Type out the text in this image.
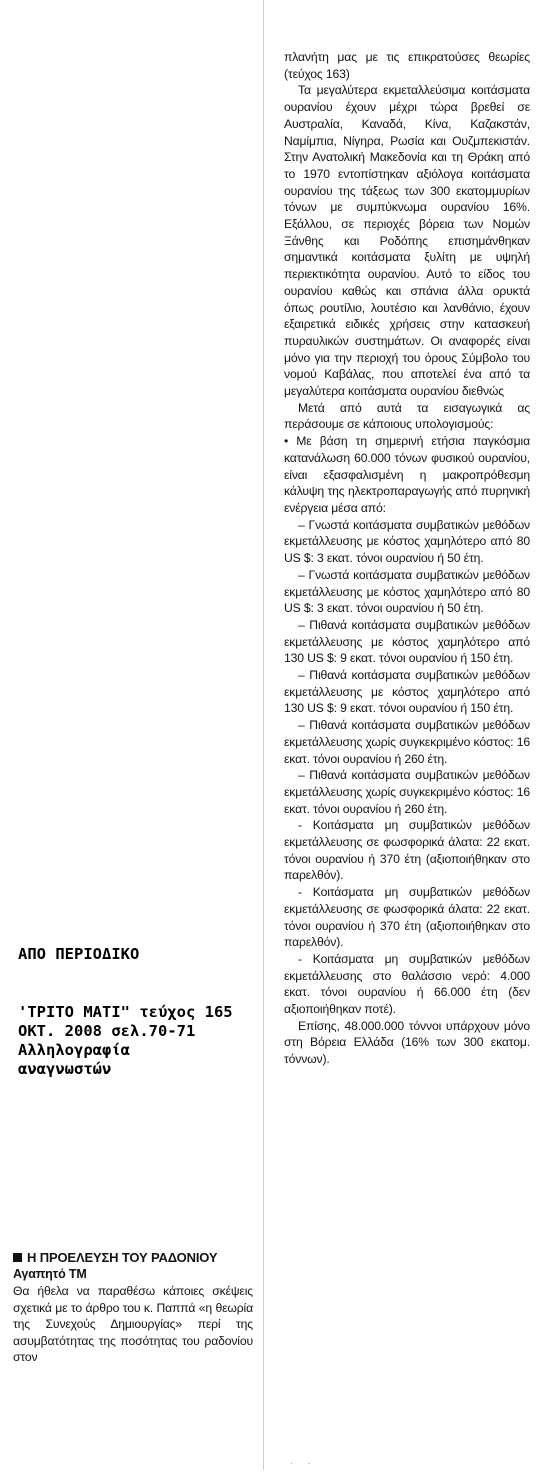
ΑΠΟ ΠΕΡΙΟΔΙΚΟ
'ΤΡΙΤΟ ΜΑΤΙ" τεύχος 165
ΟΚΤ. 2008 σελ.70-71
Αλληλογραφία
αναγνωστών
Η ΠΡΟΕΛΕΥΣΗ ΤΟΥ ΡΑΔΟΝΙΟΥ
Αγαπητό ΤΜ
Θα ήθελα να παραθέσω κάποιες σκέψεις σχετικά με το άρθρο του κ. Παππά «η θεωρία της Συνεχούς Δημιουργίας» περί της ασυμβατότητας της ποσότητας του ραδονίου στον

πλανήτη μας με τις επικρατούσες θεωρίες (τεύχος 163)

Τα μεγαλύτερα εκμεταλλεύσιμα κοιτάσματα ουρανίου έχουν μέχρι τώρα βρεθεί σε Αυστραλία, Καναδά, Κίνα, Καζακστάν, Ναμίμπια, Νίγηρα, Ρωσία και Ουζμπεκιστάν. Στην Ανατολική Μακεδονία και τη Θράκη από το 1970 εντοπίστηκαν αξιόλογα κοιτάσματα ουρανίου της τάξεως των 300 εκατομμυρίων τόνων με συμπύκνωμα ουρανίου 16%. Εξάλλου, σε περιοχές βόρεια των Νομών Ξάνθης και Ροδόπης επισημάνθηκαν σημαντικά κοιτάσματα ξυλίτη με υψηλή περιεκτικότητα ουρανίου. Αυτό το είδος του ουρανίου καθώς και σπάνια άλλα ορυκτά όπως ρουτίλιο, λουτέσιο και λανθάνιο, έχουν εξαιρετικά ειδικές χρήσεις στην κατασκευή πυραυλικών συστημάτων. Οι αναφορές είναι μόνο για την περιοχή του όρους Σύμβολο του νομού Καβάλας, που αποτελεί ένα από τα μεγαλύτερα κοιτάσματα ουρανίου διεθνώς

Μετά από αυτά τα εισαγωγικά ας περάσουμε σε κάποιους υπολογισμούς:

• Με βάση τη σημερινή ετήσια παγκόσμια κατανάλωση 60.000 τόνων φυσικού ουρανίου, είναι εξασφαλισμένη η μακροπρόθεσμη κάλυψη της ηλεκτροπαραγωγής από πυρηνική ενέργεια μέσα από:

– Γνωστά κοιτάσματα συμβατικών μεθόδων εκμετάλλευσης με κόστος χαμηλότερο από 80 US $: 3 εκατ. τόνοι ουρανίου ή 50 έτη.

– Γνωστά κοιτάσματα συμβατικών μεθόδων εκμετάλλευσης με κόστος χαμηλότερο από 80 US $: 3 εκατ. τόνοι ουρανίου ή 50 έτη.

– Πιθανά κοιτάσματα συμβατικών μεθόδων εκμετάλλευσης με κόστος χαμηλότερο από 130 US $: 9 εκατ. τόνοι ουρανίου ή 150 έτη.

– Πιθανά κοιτάσματα συμβατικών μεθόδων εκμετάλλευσης με κόστος χαμηλότερο από 130 US $: 9 εκατ. τόνοι ουρανίου ή 150 έτη.

– Πιθανά κοιτάσματα συμβατικών μεθόδων εκμετάλλευσης χωρίς συγκεκριμένο κόστος: 16 εκατ. τόνοι ουρανίου ή 260 έτη.

– Πιθανά κοιτάσματα συμβατικών μεθόδων εκμετάλλευσης χωρίς συγκεκριμένο κόστος: 16 εκατ. τόνοι ουρανίου ή 260 έτη.

- Κοιτάσματα μη συμβατικών μεθόδων εκμετάλλευσης σε φωσφορικά άλατα: 22 εκατ. τόνοι ουρανίου ή 370 έτη (αξιοποιήθηκαν στο παρελθόν).

- Κοιτάσματα μη συμβατικών μεθόδων εκμετάλλευσης σε φωσφορικά άλατα: 22 εκατ. τόνοι ουρανίου ή 370 έτη (αξιοποιήθηκαν στο παρελθόν).

- Κοιτάσματα μη συμβατικών μεθόδων εκμετάλλευσης στο θαλάσσιο νερό: 4.000 εκατ. τόνοι ουρανίου ή 66.000 έτη (δεν αξιοποιήθηκαν ποτέ).

Επίσης, 48.000.000 τόννοι υπάρχουν μόνο στη Βόρεια Ελλάδα (16% των 300 εκατομ. τόννων).

· ·
